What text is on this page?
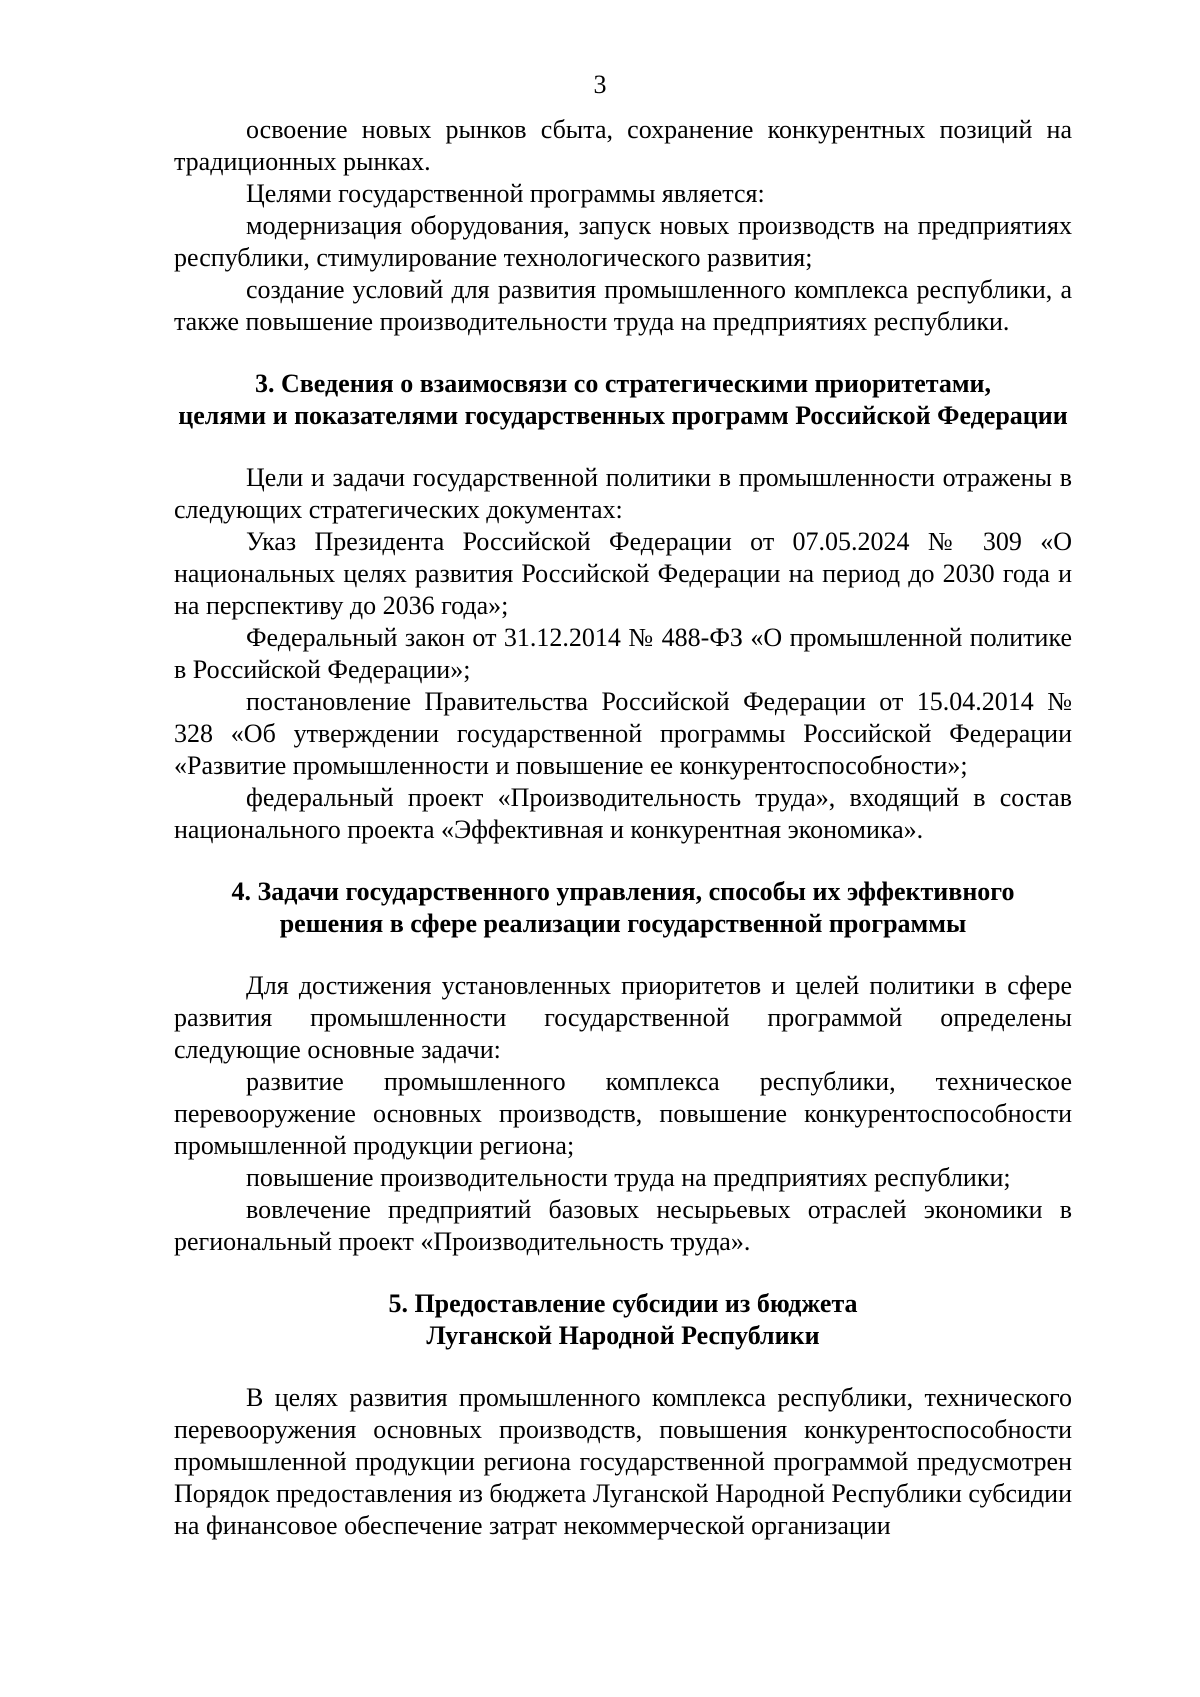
3

освоение новых рынков сбыта, сохранение конкурентных позиций на традиционных рынках.

Целями государственной программы является:

модернизация оборудования, запуск новых производств на предприятиях республики, стимулирование технологического развития;

создание условий для развития промышленного комплекса республики, а также повышение производительности труда на предприятиях республики.

3. Сведения о взаимосвязи со стратегическими приоритетами,
целями и показателями государственных программ Российской Федерации

Цели и задачи государственной политики в промышленности отражены в следующих стратегических документах:

Указ Президента Российской Федерации от 07.05.2024 № 309 «О национальных целях развития Российской Федерации на период до 2030 года и на перспективу до 2036 года»;

Федеральный закон от 31.12.2014 № 488-ФЗ «О промышленной политике в Российской Федерации»;

постановление Правительства Российской Федерации от 15.04.2014 № 328 «Об утверждении государственной программы Российской Федерации «Развитие промышленности и повышение ее конкурентоспособности»;

федеральный проект «Производительность труда», входящий в состав национального проекта «Эффективная и конкурентная экономика».

4. Задачи государственного управления, способы их эффективного
решения в сфере реализации государственной программы

Для достижения установленных приоритетов и целей политики в сфере развития промышленности государственной программой определены следующие основные задачи:

развитие промышленного комплекса республики, техническое перевооружение основных производств, повышение конкурентоспособности промышленной продукции региона;

повышение производительности труда на предприятиях республики;

вовлечение предприятий базовых несырьевых отраслей экономики в региональный проект «Производительность труда».

5. Предоставление субсидии из бюджета
Луганской Народной Республики

В целях развития промышленного комплекса республики, технического перевооружения основных производств, повышения конкурентоспособности промышленной продукции региона государственной программой предусмотрен Порядок предоставления из бюджета Луганской Народной Республики субсидии на финансовое обеспечение затрат некоммерческой организации
